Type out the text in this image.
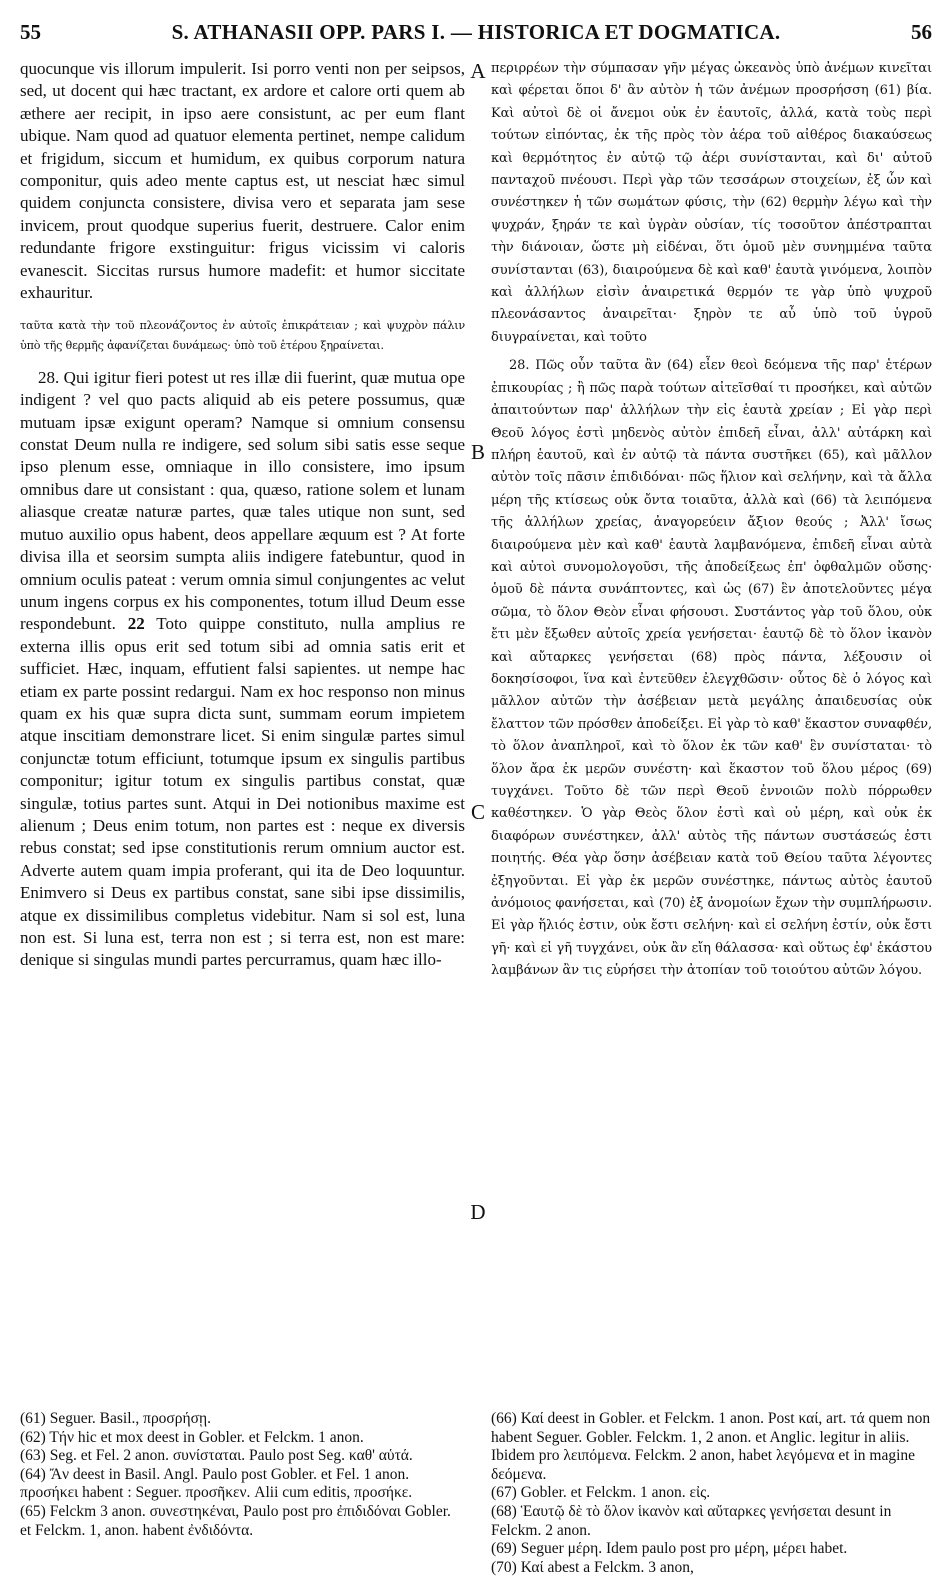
55	S. ATHANASII OPP. PARS I. — HISTORICA ET DOGMATICA.	56
A
B
C
D

quocunque vis illorum impulerit. Isi porro venti non per seipsos, sed, ut docent qui hæc tractant, ex ardore et calore orti quem ab æthere aer recipit, in ipso aere consistunt, ac per eum flant ubique. Nam quod ad quatuor elementa pertinet, nempe calidum et frigidum, siccum et humidum, ex quibus corporum natura componitur, quis adeo mente captus est, ut nesciat hæc simul quidem conjuncta consistere, divisa vero et separata jam sese invicem, prout quodque superius fuerit, destruere. Calor enim redundante frigore exstinguitur: frigus vicissim vi caloris evanescit. Siccitas rursus humore madefit: et humor siccitate exhauritur.

ταῦτα κατὰ τὴν τοῦ πλεονάζοντος ἐν αὐτοῖς ἐπικράτειαν ; καὶ ψυχρὸν πάλιν ὑπὸ τῆς θερμῆς ἀφανίζεται δυνάμεως· ὑπὸ τοῦ ἑτέρου ξηραίνεται.

28. Qui igitur fieri potest ut res illæ dii fuerint, quæ mutua ope indigent ? vel quo pacts aliquid ab eis petere possumus, quæ mutuam ipsæ exigunt operam? Namque si omnium consensu constat Deum nulla re indigere, sed solum sibi satis esse seque ipso plenum esse, omniaque in illo consistere, imo ipsum omnibus dare ut consistant : qua, quæso, ratione solem et lunam aliasque creatæ naturæ partes, quæ tales utique non sunt, sed mutuo auxilio opus habent, deos appellare æquum est ? At forte divisa illa et seorsim sumpta aliis indigere fatebuntur, quod in omnium oculis pateat : verum omnia simul conjungentes ac velut unum ingens corpus ex his componentes, totum illud Deum esse respondebunt. 22 Toto quippe constituto, nulla amplius re externa illis opus erit sed totum sibi ad omnia satis erit et sufficiet. Hæc, inquam, effutient falsi sapientes. ut nempe hac etiam ex parte possint redargui. Nam ex hoc responso non minus quam ex his quæ supra dicta sunt, summam eorum impietem atque inscitiam demonstrare licet. Si enim singulæ partes simul conjunctæ totum efficiunt, totumque ipsum ex singulis partibus componitur; igitur totum ex singulis partibus constat, quæ singulæ, totius partes sunt. Atqui in Dei notionibus maxime est alienum ; Deus enim totum, non partes est : neque ex diversis rebus constat; sed ipse constitutionis rerum omnium auctor est. Adverte autem quam impia proferant, qui ita de Deo loquuntur. Enimvero si Deus ex partibus constat, sane sibi ipse dissimilis, atque ex dissimilibus completus videbitur. Nam si sol est, luna non est. Si luna est, terra non est ; si terra est, non est mare: denique si singulas mundi partes percurramus, quam hæc illo-

περιρρέων τὴν σύμπασαν γῆν μέγας ὠκεανὸς ὑπὸ ἀνέμων κινεῖται καὶ φέρεται ὅποι δ' ἂν αὐτὸν ἡ τῶν ἀνέμων προσρήσση (61) βία. Καὶ αὐτοὶ δὲ οἱ ἄνεμοι οὐκ ἐν ἑαυτοῖς, ἀλλά, κατὰ τοὺς περὶ τούτων εἰπόντας, ἐκ τῆς πρὸς τὸν ἀέρα τοῦ αἰθέρος διακαύσεως καὶ θερμότητος ἐν αὐτῷ τῷ ἀέρι συνίστανται, καὶ δι' αὐτοῦ πανταχοῦ πνέουσι. Περὶ γὰρ τῶν τεσσάρων στοιχείων, ἐξ ὧν καὶ συνέστηκεν ἡ τῶν σωμάτων φύσις, τὴν (62) θερμὴν λέγω καὶ τὴν ψυχράν, ξηράν τε καὶ ὑγρὰν οὐσίαν, τίς τοσοῦτον ἀπέστραπται τὴν διάνοιαν, ὥστε μὴ εἰδέναι, ὅτι ὁμοῦ μὲν συνημμένα ταῦτα συνίστανται (63), διαιρούμενα δὲ καὶ καθ' ἑαυτὰ γινόμενα, λοιπὸν καὶ ἀλλήλων εἰσὶν ἀναιρετικά θερμόν τε γὰρ ὑπὸ ψυχροῦ πλεονάσαντος ἀναιρεῖται· ξηρὸν τε αὖ ὑπὸ τοῦ ὑγροῦ διυγραίνεται, καὶ τοῦτο

28. Πῶς οὖν ταῦτα ἂν (64) εἶεν θεοὶ δεόμενα τῆς παρ' ἑτέρων ἐπικουρίας ; ἢ πῶς παρὰ τούτων αἰτεῖσθαί τι προσήκει, καὶ αὐτῶν ἀπαιτούντων παρ' ἀλλήλων τὴν εἰς ἑαυτὰ χρείαν ; Εἰ γὰρ περὶ Θεοῦ λόγος ἐστὶ μηδενὸς αὐτὸν ἐπιδεῆ εἶναι, ἀλλ' αὐτάρκη καὶ πλήρη ἑαυτοῦ, καὶ ἐν αὐτῷ τὰ πάντα συστῆκει (65), καὶ μᾶλλον αὐτὸν τοῖς πᾶσιν ἐπιδιδόναι· πῶς ἥλιον καὶ σελήνην, καὶ τὰ ἄλλα μέρη τῆς κτίσεως οὐκ ὄντα τοιαῦτα, ἀλλὰ καὶ (66) τὰ λειπόμενα τῆς ἀλλήλων χρείας, ἀναγορεύειν ἄξιον θεούς ; Ἀλλ' ἴσως διαιρούμενα μὲν καὶ καθ' ἑαυτὰ λαμβανόμενα, ἐπιδεῆ εἶναι αὐτὰ καὶ αὐτοὶ συνομολογοῦσι, τῆς ἀποδείξεως ἐπ' ὀφθαλμῶν οὔσης· ὁμοῦ δὲ πάντα συνάπτοντες, καὶ ὡς (67) ἓν ἀποτελοῦντες μέγα σῶμα, τὸ ὅλον Θεὸν εἶναι φήσουσι. Συστάντος γὰρ τοῦ ὅλου, οὐκ ἔτι μὲν ἔξωθεν αὐτοῖς χρεία γενήσεται· ἑαυτῷ δὲ τὸ ὅλον ἱκανὸν καὶ αὔταρκες γενήσεται (68) πρὸς πάντα, λέξουσιν οἱ δοκησίσοφοι, ἵνα καὶ ἐντεῦθεν ἐλεγχθῶσιν· οὗτος δὲ ὁ λόγος καὶ μᾶλλον αὐτῶν τὴν ἀσέβειαν μετὰ μεγάλης ἀπαιδευσίας οὐκ ἔλαττον τῶν πρόσθεν ἀποδείξει. Εἰ γὰρ τὸ καθ' ἕκαστον συναφθέν, τὸ ὅλον ἀναπληροῖ, καὶ τὸ ὅλον ἐκ τῶν καθ' ἓν συνίσταται· τὸ ὅλον ἄρα ἐκ μερῶν συνέστη· καὶ ἕκαστον τοῦ ὅλου μέρος (69) τυγχάνει. Τοῦτο δὲ τῶν περὶ Θεοῦ ἐννοιῶν πολὺ πόρρωθεν καθέστηκεν. Ὁ γὰρ Θεὸς ὅλον ἐστὶ καὶ οὐ μέρη, καὶ οὐκ ἐκ διαφόρων συνέστηκεν, ἀλλ' αὐτὸς τῆς πάντων συστάσεώς ἐστι ποιητής. Θέα γὰρ ὅσην ἀσέβειαν κατὰ τοῦ Θείου ταῦτα λέγοντες ἐξηγοῦνται. Εἰ γὰρ ἐκ μερῶν συνέστηκε, πάντως αὐτὸς ἑαυτοῦ ἀνόμοιος φανήσεται, καὶ (70) ἐξ ἀνομοίων ἔχων τὴν συμπλήρωσιν. Εἰ γὰρ ἥλιός ἐστιν, οὐκ ἔστι σελήνη· καὶ εἰ σελήνη ἐστίν, οὐκ ἔστι γῆ· καὶ εἰ γῆ τυγχάνει, οὐκ ἂν εἴη θάλασσα· καὶ οὕτως ἐφ' ἑκάστου λαμβάνων ἂν τις εὑρήσει τὴν ἀτοπίαν τοῦ τοιούτου αὐτῶν λόγου.

(61) Seguer. Basil., προσρήσῃ.

(62) Τήν hic et mox deest in Gobler. et Felckm. 1 anon.

(63) Seg. et Fel. 2 anon. συνίσταται. Paulo post Seg. καθ' αὑτά.

(64) Ἄν deest in Basil. Angl. Paulo post Gobler. et Fel. 1 anon. προσήκει habent : Seguer. προσῆκεν. Alii cum editis, προσήκε.

(65) Felckm 3 anon. συνεστηκέναι, Paulo post pro ἐπιδιδόναι Gobler. et Felckm. 1, anon. habent ἐνδιδόντα.

(66) Καί deest in Gobler. et Felckm. 1 anon. Post καί, art. τά quem non habent Seguer. Gobler. Felckm. 1, 2 anon. et Anglic. legitur in aliis. Ibidem pro λειπόμενα. Felckm. 2 anon, habet λεγόμενα et in magine δεόμενα.

(67) Gobler. et Felckm. 1 anon. εἰς.

(68) Ἑαυτῷ δὲ τὸ ὅλον ἱκανὸν καὶ αὔταρκες γενήσεται desunt in Felckm. 2 anon.

(69) Seguer μέρη. Idem paulo post pro μέρη, μέρει habet.

(70) Καί abest a Felckm. 3 anon,
